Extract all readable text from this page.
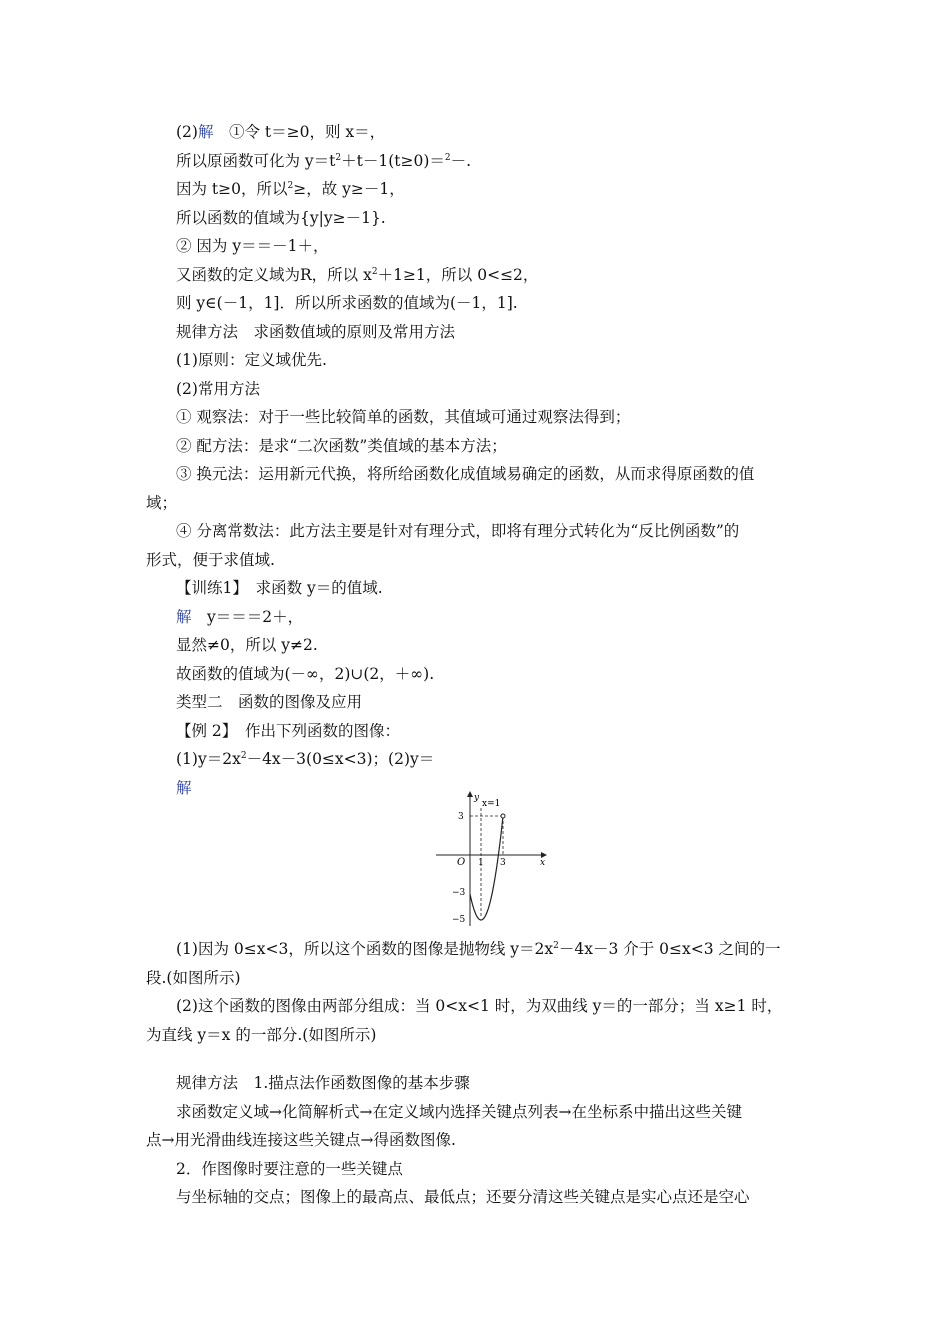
(2)解　①令 t＝≥0，则 x＝，
所以原函数可化为 $y=t^2+t-1(t\ge 0)=^2-$.
因为 t≥0，所以$^2$≥，故 y≥－1，
所以函数的值域为{y|y≥－1}.
② 因为 y＝＝－1＋，
又函数的定义域为R，所以 $x^2+1\ge 1$，所以 0<≤2，
则 y∈(－1，1]．所以所求函数的值域为(－1，1].
规律方法　求函数值域的原则及常用方法
(1)原则：定义域优先.
(2)常用方法
① 观察法：对于一些比较简单的函数，其值域可通过观察法得到；
② 配方法：是求“二次函数”类值域的基本方法；
③ 换元法：运用新元代换，将所给函数化成值域易确定的函数，从而求得原函数的值
域；
④ 分离常数法：此方法主要是针对有理分式，即将有理分式转化为“反比例函数”的
形式，便于求值域.
【训练1】　求函数 y＝的值域.
解　y＝＝＝2＋，
显然≠0，所以 y≠2.
故函数的值域为(－∞，2)∪(2，＋∞).
类型二　函数的图像及应用
【例 2】　作出下列函数的图像：
$(1)y=2x^2-4x-3(0\le x<3)$；(2)y＝
解
y
x
O
x=1
1 3
3
−3
−5
(1)因为 0≤x<3，所以这个函数的图像是抛物线 $y=2x^2-4x-3$ 介于 0≤x<3 之间的一
段.(如图所示)
(2)这个函数的图像由两部分组成：当 0<x<1 时，为双曲线 y＝的一部分；当 x≥1 时，
为直线 y＝x 的一部分.(如图所示)
规律方法　1.描点法作函数图像的基本步骤
求函数定义域→化简解析式→在定义域内选择关键点列表→在坐标系中描出这些关键
点→用光滑曲线连接这些关键点→得函数图像.
2．作图像时要注意的一些关键点
与坐标轴的交点；图像上的最高点、最低点；还要分清这些关键点是实心点还是空心
